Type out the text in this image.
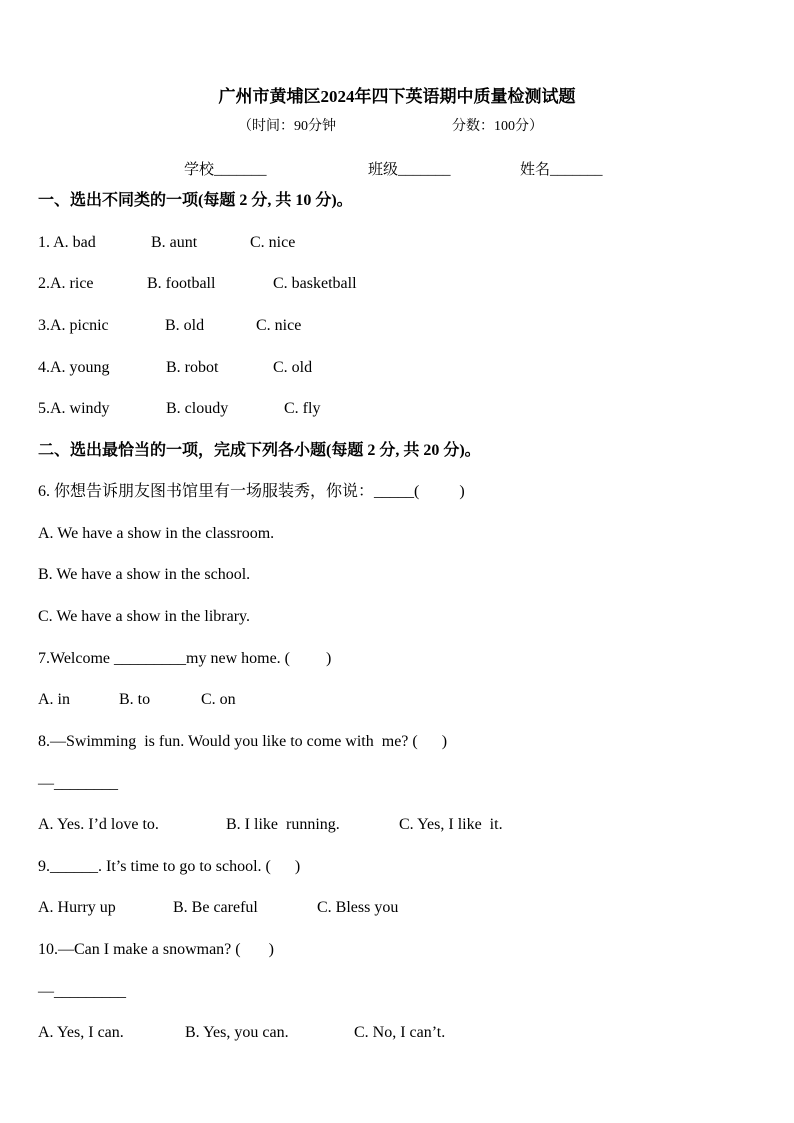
广州市黄埔区2024年四下英语期中质量检测试题
（时间：90分钟	分数：100分）
学校_______	班级_______	姓名_______
一、选出不同类的一项(每题 2 分, 共 10 分)。
1. A. bad	B. aunt	C. nice
2.A. rice	B. football	C. basketball
3.A. picnic	B. old	C. nice
4.A. young	B. robot	C. old
5.A. windy	B. cloudy	C. fly
二、选出最恰当的一项，完成下列各小题(每题 2 分, 共 20 分)。
6. 你想告诉朋友图书馆里有一场服装秀，你说：_____(          )
A. We have a show in the classroom.
B. We have a show in the school.
C. We have a show in the library.
7.Welcome _________my new home. (         )
A. in	B. to	C. on
8.—Swimming  is fun. Would you like to come with  me? (      )
—________
A. Yes. I’d love to.	B. I like  running.	C. Yes, I like  it.
9.______. It’s time to go to school. (      )
A. Hurry up	B. Be careful	C. Bless you
10.—Can I make a snowman? (       )
—_________
A. Yes, I can.	B. Yes, you can.	C. No, I can’t.
